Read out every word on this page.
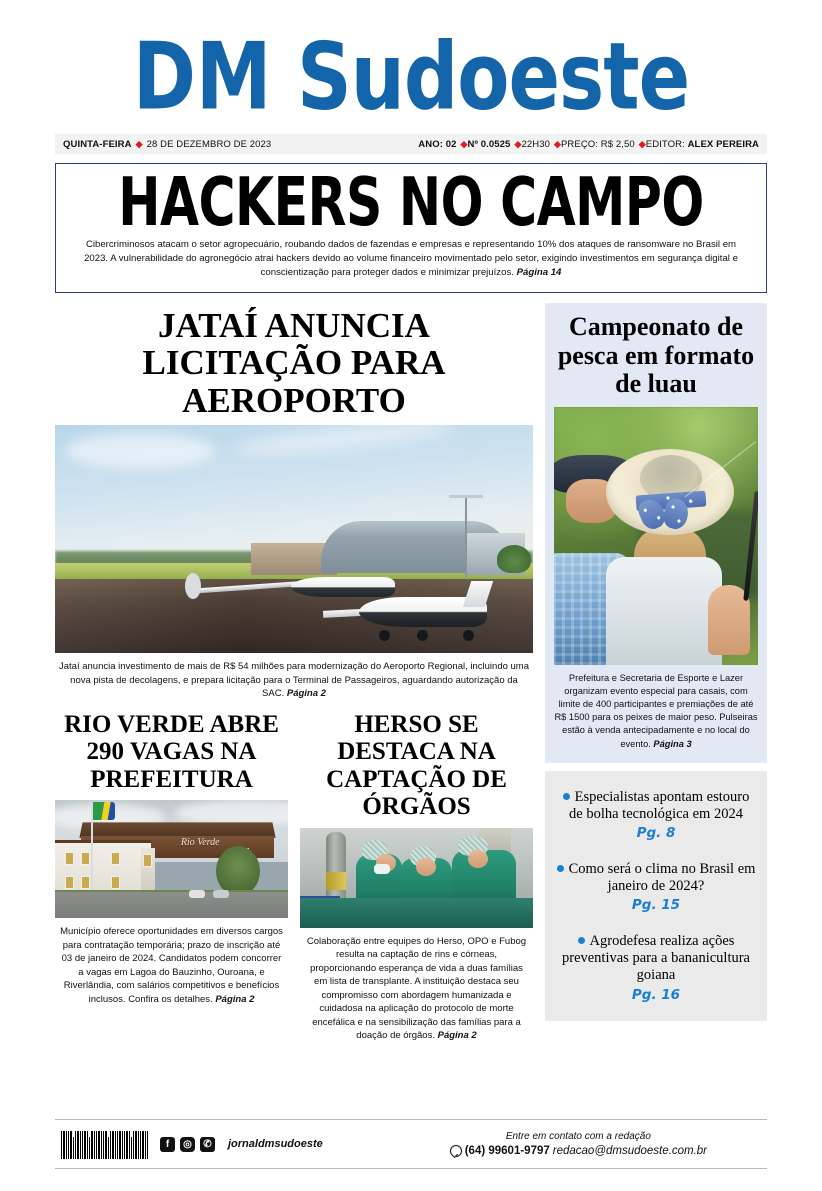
DM Sudoeste
QUINTA-FEIRA ◆ 28 DE DEZEMBRO DE 2023	ANO: 02 ◆ Nº 0.0525 ◆ 22H30 ◆ PREÇO: R$ 2,50 ◆ EDITOR:
ALEX PEREIRA
HACKERS NO CAMPO
Cibercriminosos atacam o setor agropecuário, roubando dados de fazendas e empresas e representando 10% dos ataques de ransomware no Brasil em 2023. A vulnerabilidade do agronegócio atrai hackers devido ao volume financeiro movimentado pelo setor, exigindo investimentos em segurança digital e conscientização para proteger dados e minimizar prejuízos. Página 14
JATAÍ ANUNCIA LICITAÇÃO PARA AEROPORTO
Jataí anuncia investimento de mais de R$ 54 milhões para modernização do Aeroporto Regional, incluindo uma nova pista de decolagens, e prepara licitação para o Terminal de Passageiros, aguardando autorização da SAC. Página 2
RIO VERDE ABRE 290 VAGAS NA PREFEITURA
Rio Verde
Município oferece oportunidades em diversos cargos para contratação temporária; prazo de inscrição até 03 de janeiro de 2024. Candidatos podem concorrer a vagas em Lagoa do Bauzinho, Ouroana, e Riverlândia, com salários competitivos e benefícios inclusos. Confira os detalhes. Página 2
HERSO SE DESTACA NA CAPTAÇÃO DE ÓRGÃOS
Colaboração entre equipes do Herso, OPO e Fubog resulta na captação de rins e córneas, proporcionando esperança de vida a duas famílias em lista de transplante. A instituição destaca seu compromisso com abordagem humanizada e cuidadosa na aplicação do protocolo de morte encefálica e na sensibilização das famílias para a doação de órgãos. Página 2
Campeonato de pesca em formato de luau
Prefeitura e Secretaria de Esporte e Lazer organizam evento especial para casais, com limite de 400 participantes e premiações de até R$ 1500 para os peixes de maior peso. Pulseiras estão à venda antecipadamente e no local do evento. Página 3
Especialistas apontam estouro de bolha tecnológica em 2024
Pg. 8
Como será o clima no Brasil em janeiro de 2024?
Pg. 15
Agrodefesa realiza ações preventivas para a bananicultura goiana
Pg. 16
f	◎	✆	jornaldmsudoeste
Entre em contato com a redação
(64) 99601-9797 redacao@dmsudoeste.com.br
